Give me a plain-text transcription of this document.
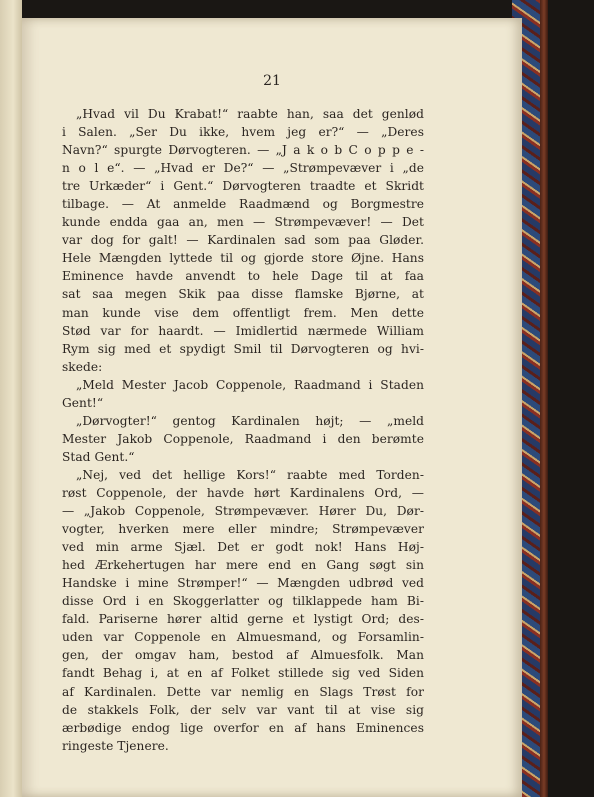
21
„Hvad vil Du Krabat!“ raabte han, saa det genlød
i Salen. „Ser Du ikke, hvem jeg er?“ — „Deres
Navn?“ spurgte Dørvogteren. — „J a k o b C o p p e -
n o l e“. — „Hvad er De?“ — „Strømpevæver i „de
tre Urkæder“ i Gent.“ Dørvogteren traadte et Skridt
tilbage. — At anmelde Raadmænd og Borgmestre
kunde endda gaa an, men — Strømpevæver! — Det
var dog for galt! — Kardinalen sad som paa Gløder.
Hele Mængden lyttede til og gjorde store Øjne. Hans
Eminence havde anvendt to hele Dage til at faa
sat saa megen Skik paa disse flamske Bjørne, at
man kunde vise dem offentligt frem. Men dette
Stød var for haardt. — Imidlertid nærmede William
Rym sig med et spydigt Smil til Dørvogteren og hvi-
skede:
„Meld Mester Jacob Coppenole, Raadmand i Staden
Gent!“
„Dørvogter!“ gentog Kardinalen højt; — „meld
Mester Jakob Coppenole, Raadmand i den berømte
Stad Gent.“
„Nej, ved det hellige Kors!“ raabte med Torden-
røst Coppenole, der havde hørt Kardinalens Ord, —
— „Jakob Coppenole, Strømpevæver. Hører Du, Dør-
vogter, hverken mere eller mindre; Strømpevæver
ved min arme Sjæl. Det er godt nok! Hans Høj-
hed Ærkehertugen har mere end en Gang søgt sin
Handske i mine Strømper!“ — Mængden udbrød ved
disse Ord i en Skoggerlatter og tilklappede ham Bi-
fald. Pariserne hører altid gerne et lystigt Ord; des-
uden var Coppenole en Almuesmand, og Forsamlin-
gen, der omgav ham, bestod af Almuesfolk. Man
fandt Behag i, at en af Folket stillede sig ved Siden
af Kardinalen. Dette var nemlig en Slags Trøst for
de stakkels Folk, der selv var vant til at vise sig
ærbødige endog lige overfor en af hans Eminences
ringeste Tjenere.
